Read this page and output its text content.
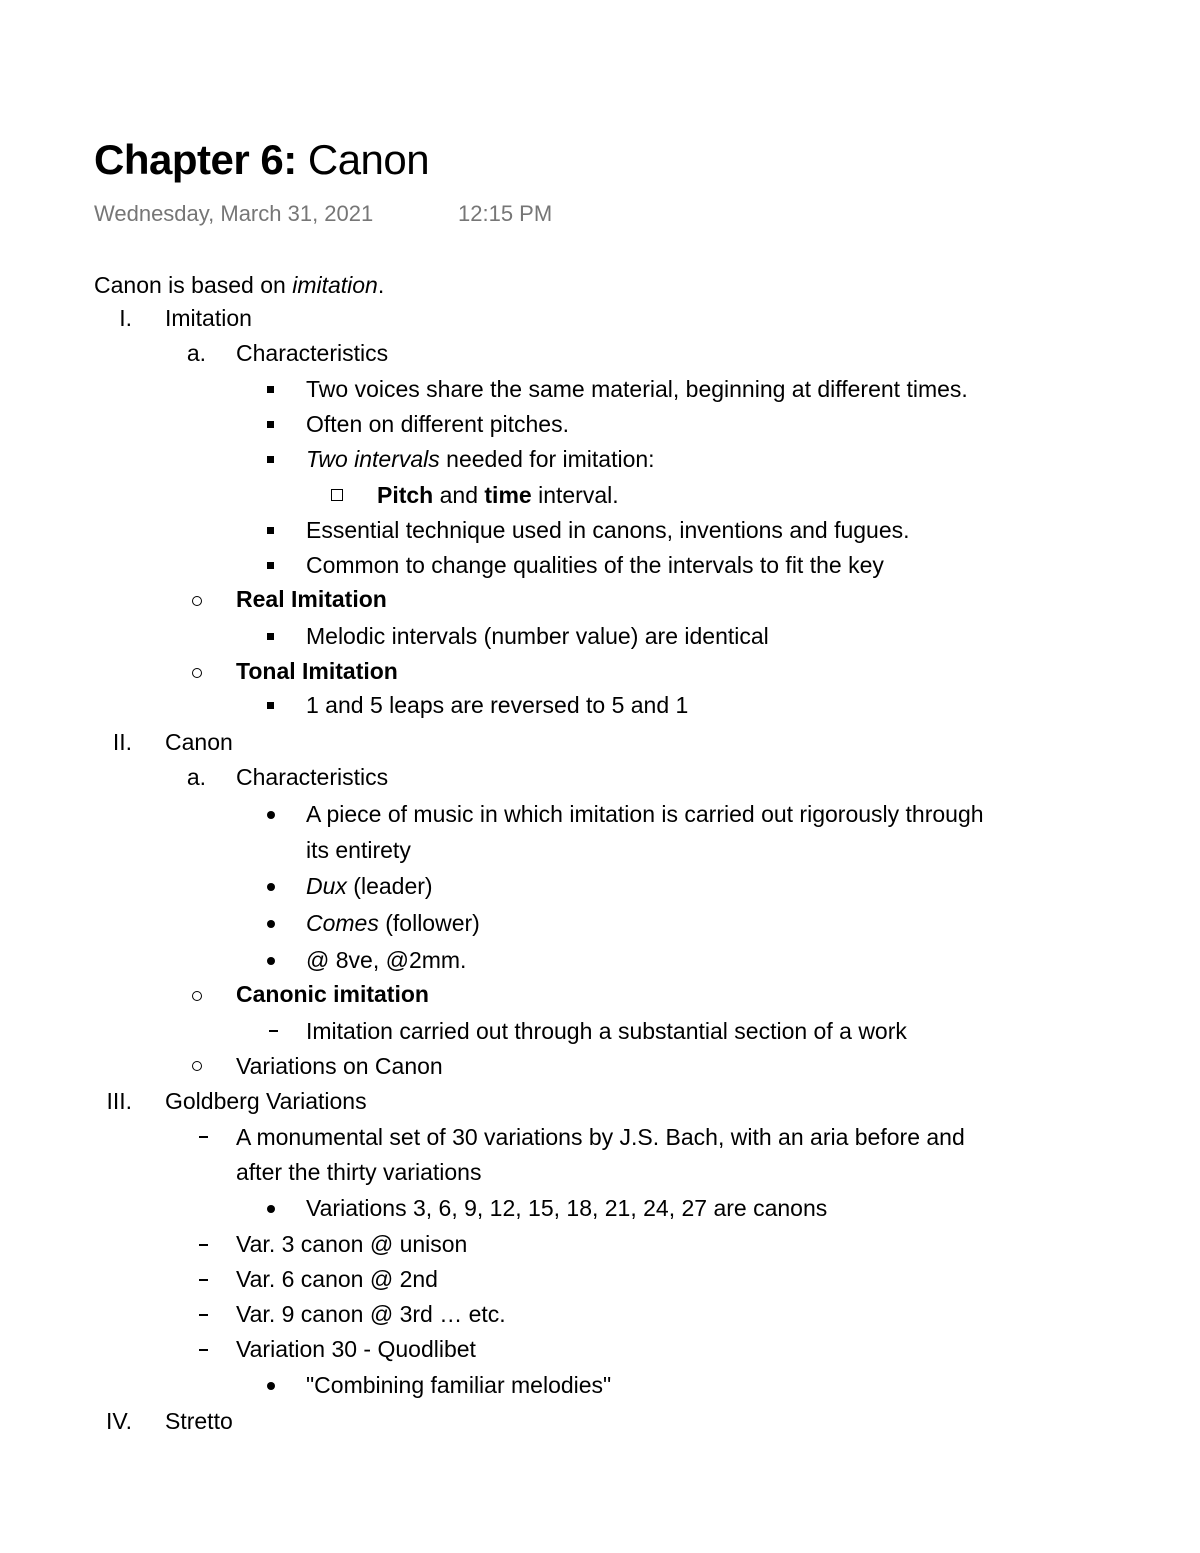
Chapter 6: Canon
Wednesday, March 31, 2021	12:15 PM
Canon is based on imitation.
I. Imitation
a. Characteristics
Two voices share the same material, beginning at different times.
Often on different pitches.
Two intervals needed for imitation:
Pitch and time interval.
Essential technique used in canons, inventions and fugues.
Common to change qualities of the intervals to fit the key
Real Imitation
Melodic intervals (number value) are identical
Tonal Imitation
1 and 5 leaps are reversed to 5 and 1
II. Canon
a. Characteristics
A piece of music in which imitation is carried out rigorously through
its entirety
Dux (leader)
Comes (follower)
@ 8ve, @2mm.
Canonic imitation
Imitation carried out through a substantial section of a work
Variations on Canon
III. Goldberg Variations
A monumental set of 30 variations by J.S. Bach, with an aria before and
after the thirty variations
Variations 3, 6, 9, 12, 15, 18, 21, 24, 27 are canons
Var. 3 canon @ unison
Var. 6 canon @ 2nd
Var. 9 canon @ 3rd … etc.
Variation 30 - Quodlibet
"Combining familiar melodies"
IV. Stretto
